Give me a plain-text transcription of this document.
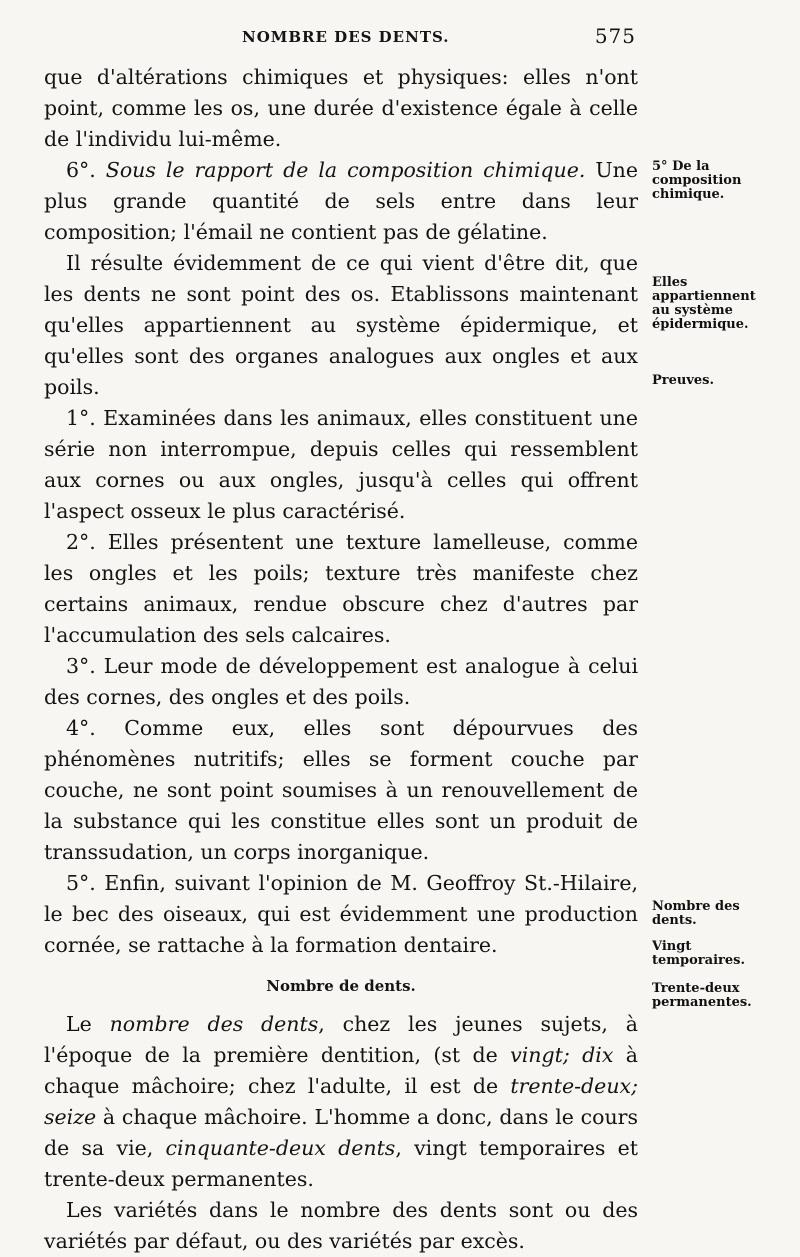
NOMBRE DES DENTS.	575

que d'altérations chimiques et physiques: elles n'ont point, comme les os, une durée d'existence égale à celle de l'individu lui-même.

6°. Sous le rapport de la composition chimique. Une plus grande quantité de sels entre dans leur composition; l'émail ne contient pas de gélatine.

Il résulte évidemment de ce qui vient d'être dit, que les dents ne sont point des os. Etablissons maintenant qu'elles appartiennent au système épidermique, et qu'elles sont des organes analogues aux ongles et aux poils.

1°. Examinées dans les animaux, elles constituent une série non interrompue, depuis celles qui ressemblent aux cornes ou aux ongles, jusqu'à celles qui offrent l'aspect osseux le plus caractérisé.

2°. Elles présentent une texture lamelleuse, comme les ongles et les poils; texture très manifeste chez certains animaux, rendue obscure chez d'autres par l'accumulation des sels calcaires.

3°. Leur mode de développement est analogue à celui des cornes, des ongles et des poils.

4°. Comme eux, elles sont dépourvues des phénomènes nutritifs; elles se forment couche par couche, ne sont point soumises à un renouvellement de la substance qui les constitue elles sont un produit de transsudation, un corps inorganique.

5°. Enfin, suivant l'opinion de M. Geoffroy St.-Hilaire, le bec des oiseaux, qui est évidemment une production cornée, se rattache à la formation dentaire.

Nombre de dents.

Le nombre des dents, chez les jeunes sujets, à l'époque de la première dentition, (st de vingt; dix à chaque mâchoire; chez l'adulte, il est de trente-deux; seize à chaque mâchoire. L'homme a donc, dans le cours de sa vie, cinquante-deux dents, vingt temporaires et trente-deux permanentes.

Les variétés dans le nombre des dents sont ou des variétés par défaut, ou des variétés par excès.

5° De la composition chimique.
Elles appartiennent au système épidermique.
Preuves.
Nombre des dents.
Vingt temporaires.
Trente-deux permanentes.
